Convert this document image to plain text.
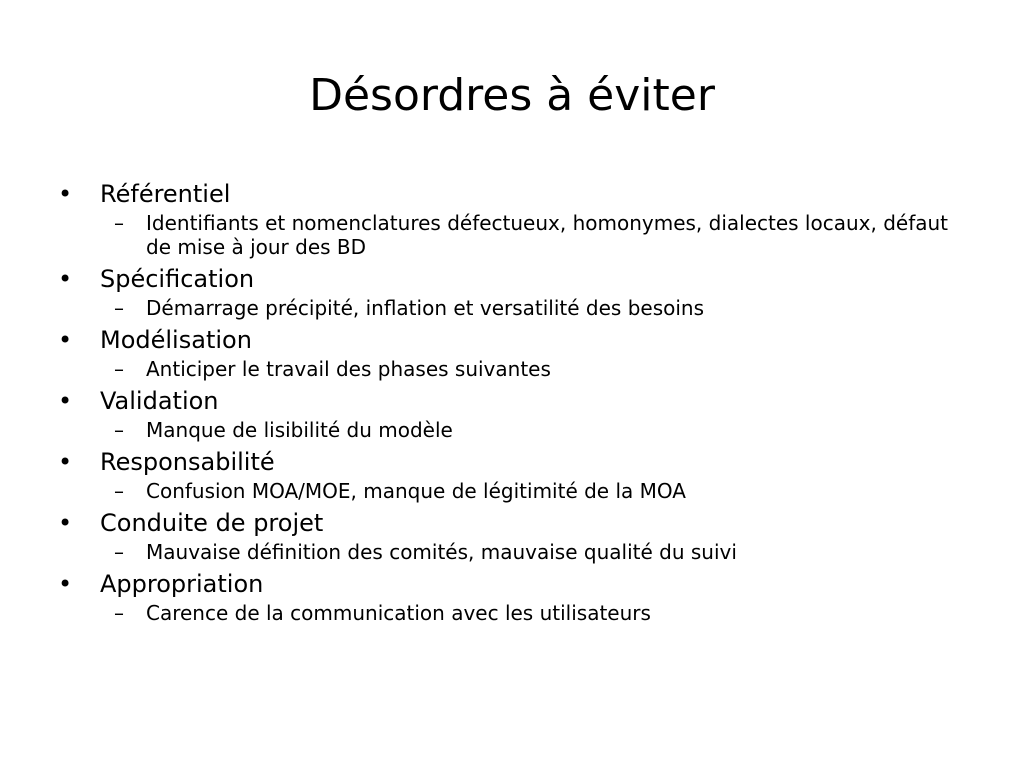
Désordres à éviter
• Référentiel
– Identifiants et nomenclatures défectueux, homonymes, dialectes locaux, défaut de mise à jour des BD
• Spécification
– Démarrage précipité, inflation et versatilité des besoins
• Modélisation
– Anticiper le travail des phases suivantes
• Validation
– Manque de lisibilité du modèle
• Responsabilité
– Confusion MOA/MOE, manque de légitimité de la MOA
• Conduite de projet
– Mauvaise définition des comités, mauvaise qualité du suivi
• Appropriation
– Carence de la communication avec les utilisateurs
